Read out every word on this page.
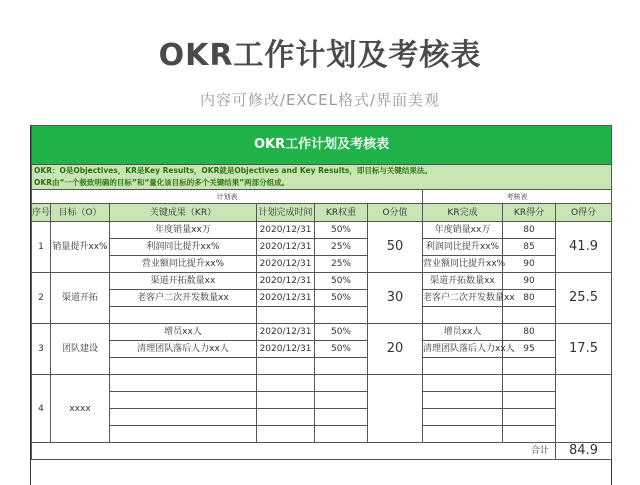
OKR工作计划及考核表
内容可修改/EXCEL格式/界面美观
OKR工作计划及考核表								
OKR：O是Objectives，KR是Key Results，OKR就是Objectives and Key Results，即目标与关键结果法。								
OKR由“一个极致明确的目标”和“量化该目标的多个关键结果”两部分组成。								
计划表						考核表		
序号	目标（O）	关键成果（KR）	计划完成时间	KR权重	O分值	KR完成	KR得分	O得分
1	销量提升xx%	年度销量xx万	2020/12/31	50%	50	年度销量xx万	80	41.9
		利润同比提升xx%	2020/12/31	25%		利润同比提升xx%	85	
		营业额同比提升xx%	2020/12/31	25%		营业额同比提升xx%	90	
2	渠道开拓	渠道开拓数量xx	2020/12/31	50%	30	渠道开拓数量xx	90	25.5
		老客户二次开发数量xx	2020/12/31	50%		老客户二次开发数量xx	80	

3	团队建设	增员xx人	2020/12/31	50%	20	增员xx人	80	17.5
		清理团队落后人力xx人	2020/12/31	50%		清理团队落后人力xx人	95	

4	xxxx							

合计								84.9
